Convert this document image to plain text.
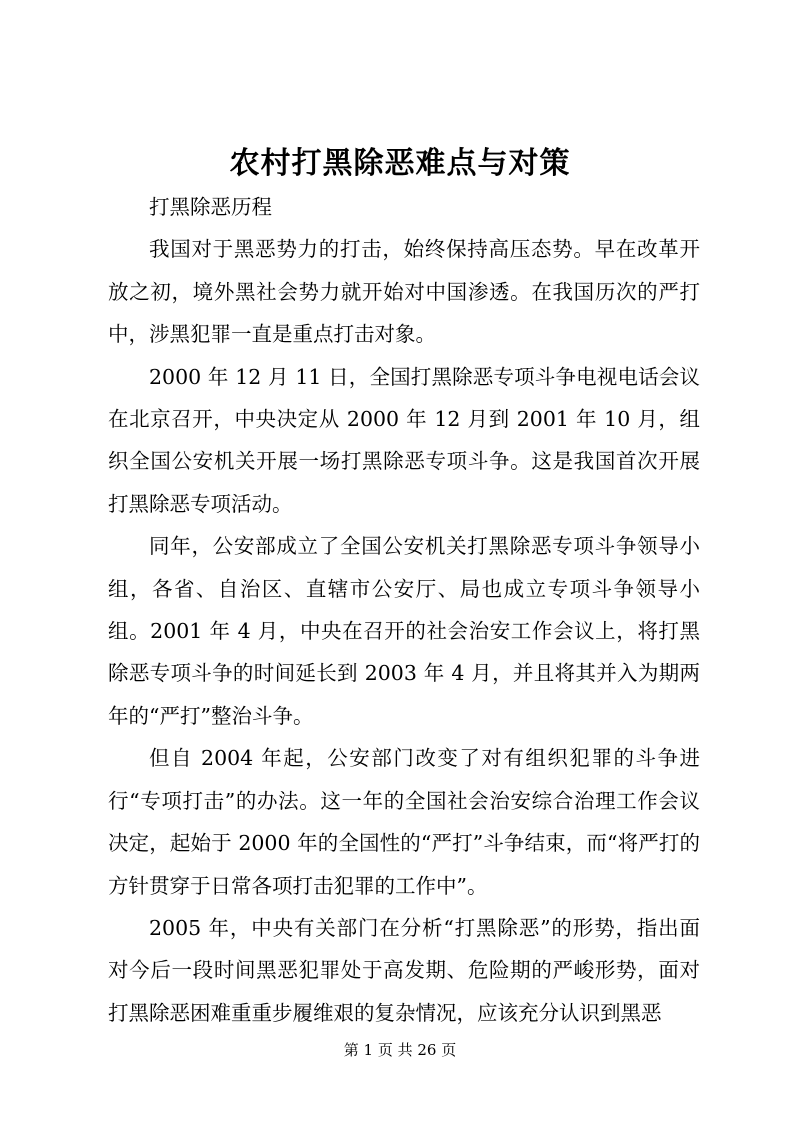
农村打黑除恶难点与对策

打黑除恶历程

我国对于黑恶势力的打击，始终保持高压态势。早在改革开放之初，境外黑社会势力就开始对中国渗透。在我国历次的严打中，涉黑犯罪一直是重点打击对象。

2000 年 12 月 11 日，全国打黑除恶专项斗争电视电话会议在北京召开，中央决定从 2000 年 12 月到 2001 年 10 月，组织全国公安机关开展一场打黑除恶专项斗争。这是我国首次开展打黑除恶专项活动。

同年，公安部成立了全国公安机关打黑除恶专项斗争领导小组，各省、自治区、直辖市公安厅、局也成立专项斗争领导小组。2001 年 4 月，中央在召开的社会治安工作会议上，将打黑除恶专项斗争的时间延长到 2003 年 4 月，并且将其并入为期两年的“严打”整治斗争。

但自 2004 年起，公安部门改变了对有组织犯罪的斗争进行“专项打击”的办法。这一年的全国社会治安综合治理工作会议决定，起始于 2000 年的全国性的“严打”斗争结束，而“将严打的方针贯穿于日常各项打击犯罪的工作中”。

2005 年，中央有关部门在分析“打黑除恶”的形势，指出面对今后一段时间黑恶犯罪处于高发期、危险期的严峻形势，面对打黑除恶困难重重步履维艰的复杂情况，应该充分认识到黑恶

第 1 页 共 26 页
